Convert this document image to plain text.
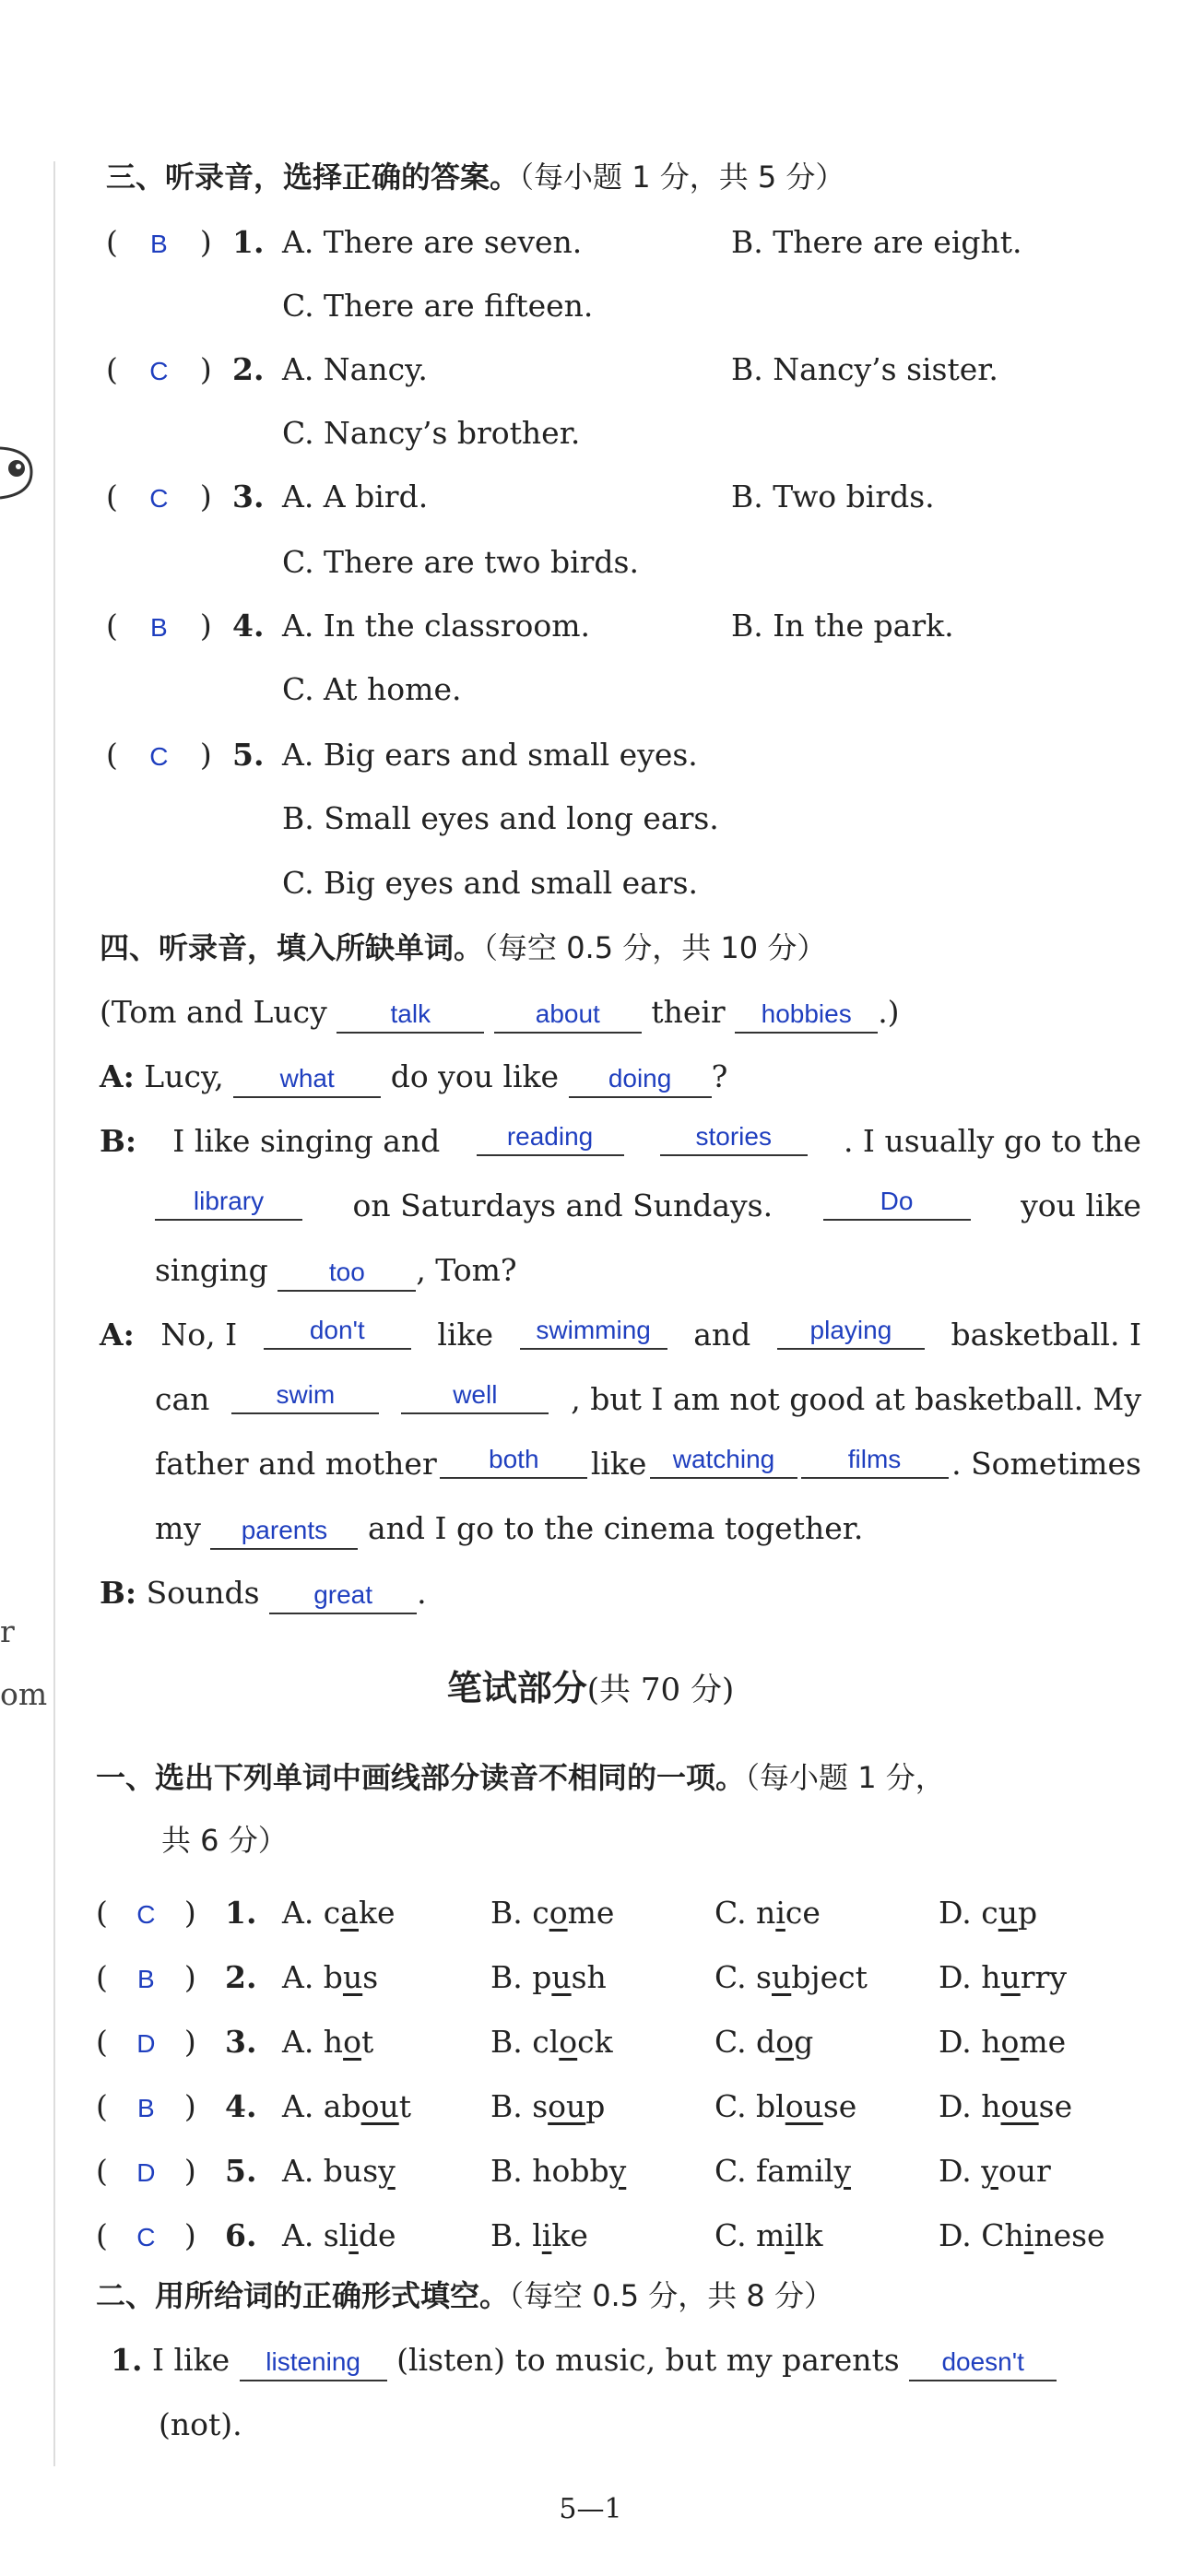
r
om
三、听录音，选择正确的答案。（每小题 1 分，共 5 分）
( B ) 1. A. There are seven.	B. There are eight.
C. There are fifteen.
( C ) 2. A. Nancy.	B. Nancy’s sister.
C. Nancy’s brother.
( C ) 3. A. A bird.	B. Two birds.
C. There are two birds.
( B ) 4. A. In the classroom.	B. In the park.
C. At home.
( C ) 5. A. Big ears and small eyes.
B. Small eyes and long ears.
C. Big eyes and small ears.
四、听录音，填入所缺单词。（每空 0.5 分，共 10 分）
(Tom and Lucy talk	about their hobbies .)
A: Lucy, what do you like doing ?
B: I like singing and	reading	stories	. I usually go to the
library	on Saturdays and Sundays.	Do	you like
singing too , Tom?
A: No, I	don't	like	swimming	and	playing	basketball. I
can	swim	well	, but I am not good at basketball. My
father and mother	both	like	watching	films	. Sometimes
my parents and I go to the cinema together.
B: Sounds great .
笔试部分(共 70 分)
一、选出下列单词中画线部分读音不相同的一项。（每小题 1 分，
共 6 分）
( C ) 1. A. cake	B. come	C. nice	D. cup
( B ) 2. A. bus	B. push	C. subject D. hurry
( D ) 3. A. hot	B. clock	C. dog	D. home
( B ) 4. A. about	B. soup	C. blouse	D. house
( D ) 5. A. busy	B. hobby	C. family	D. your
( C ) 6. A. slide	B. like	C. milk	D. Chinese
二、用所给词的正确形式填空。（每空 0.5 分，共 8 分）
1. I like listening (listen) to music, but my parents doesn't
(not).
5—1
